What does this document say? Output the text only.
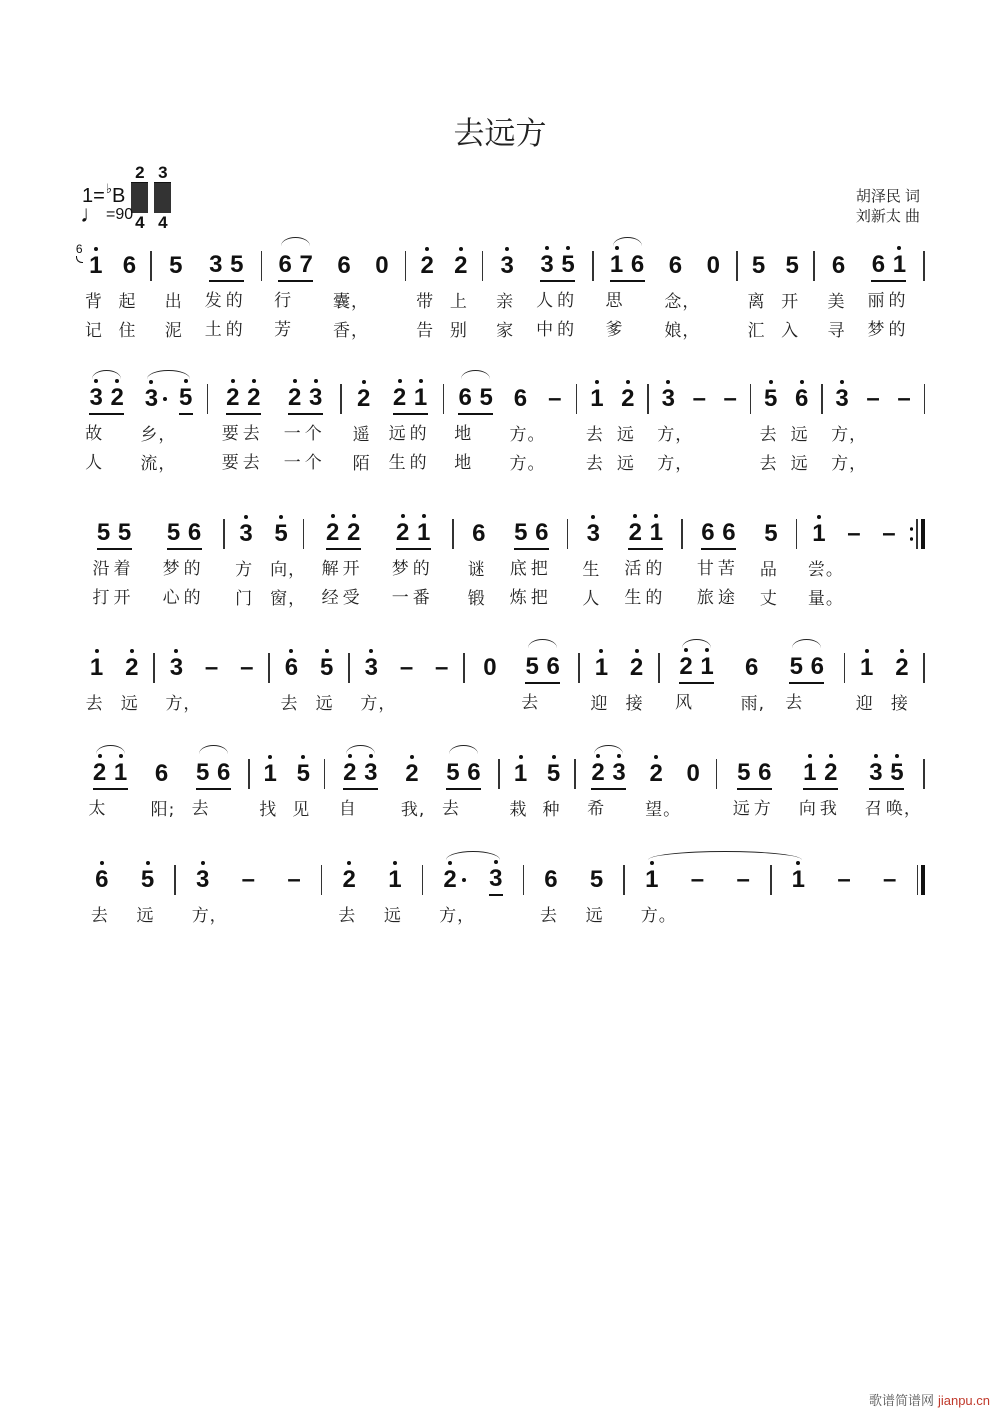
去远方
1= ♭ B
2
4
3
4
♩ =90
胡泽民 词
刘新太 曲
1
6
背
记
6
起
住
5
出
泥
3
发
土
5
的
的
6
行
芳
7 6
囊，
香，
0 2
带
告
2
上
别
3
亲
家
3
人
中
5
的
的
1
思
爹
6 6
念，
娘，
0 5
离
汇
5
开
入
6
美
寻
6
丽
梦
1
的
的
3
故
人
2 3
乡，
流，
5 2
要
要
2
去
去
2
一
一
3
个
个
2
遥
陌
2
远
生
1
的
的
6
地
地
5 6
方。
方。
– 1
去
去
2
远
远
3
方，
方，
– – 5
去
去
6
远
远
3
方，
方，
– –
5
沿
打
5
着
开
5
梦
心
6
的
的
3
方
门
5
向，
窗，
2
解
经
2
开
受
2
梦
一
1
的
番
6
谜
锻
5
底
炼
6
把
把
3
生
人
2
活
生
1
的
的
6
甘
旅
6
苦
途
5
品
丈
1
尝。
量。
– –
1
去
2
远
3
方，
– – 6
去
5
远
3
方，
– – 0 5
去
6 1
迎
2
接
2
风
1 6
雨,
5
去
6 1
迎
2
接
2
太
1 6
阳;
5
去
6 1
找
5
见
2
自
3 2
我,
5
去
6 1
栽
5
种
2
希
3 2
望。
0 5
远
6
方
1
向
2
我
3
召
5
唤，
6
去
5
远
3
方，
– – 2
去
1
远
2
方，
3 6
去
5
远
1
方。
– – 1 – –
歌谱简谱网 jianpu.cn
